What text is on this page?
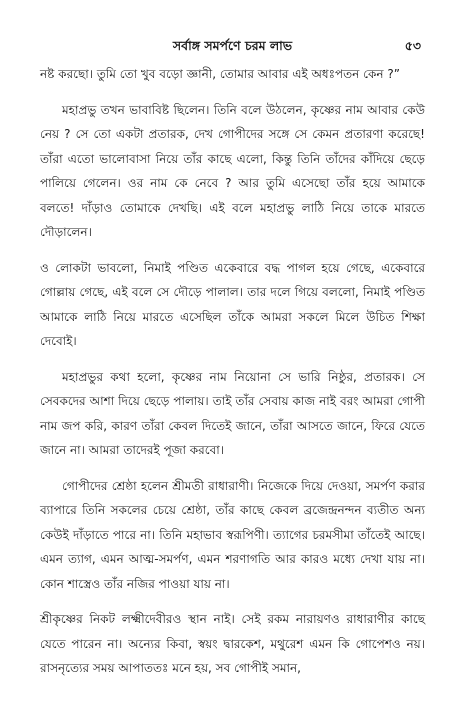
সর্বাঙ্গ সমর্পণে চরম লাভ	৫৩

নষ্ট করছো। তুমি তো খুব বড়ো জ্ঞানী, তোমার আবার এই অধঃপতন কেন ?”

মহাপ্রভু তখন ভাবাবিষ্ট ছিলেন। তিনি বলে উঠলেন, কৃষ্ণের নাম আবার কেউ নেয় ? সে তো একটা প্রতারক, দেখ গোপীদের সঙ্গে সে কেমন প্রতারণা করেছে! তাঁরা এতো ভালোবাসা নিয়ে তাঁর কাছে এলো, কিন্তু তিনি তাঁদের কাঁদিয়ে ছেড়ে পালিয়ে গেলেন। ওর নাম কে নেবে ? আর তুমি এসেছো তাঁর হয়ে আমাকে বলতে! দাঁড়াও তোমাকে দেখছি। এই বলে মহাপ্রভু লাঠি নিয়ে তাকে মারতে দৌড়ালেন।

ও লোকটা ভাবলো, নিমাই পণ্ডিত একেবারে বদ্ধ পাগল হয়ে গেছে, একেবারে গোল্লায় গেছে, এই বলে সে দৌড়ে পালাল। তার দলে গিয়ে বললো, নিমাই পণ্ডিত আমাকে লাঠি নিয়ে মারতে এসেছিল তাঁকে আমরা সকলে মিলে উচিত শিক্ষা দেবোই।

মহাপ্রভুর কথা হলো, কৃষ্ণের নাম নিয়োনা সে ভারি নিষ্ঠুর, প্রতারক। সে সেবকদের আশা দিয়ে ছেড়ে পালায়। তাই তাঁর সেবায় কাজ নাই বরং আমরা গোপী নাম জপ করি, কারণ তাঁরা কেবল দিতেই জানে, তাঁরা আসতে জানে, ফিরে যেতে জানে না। আমরা তাদেরই পূজা করবো।

গোপীদের শ্রেষ্ঠা হলেন শ্রীমতী রাধারাণী। নিজেকে দিয়ে দেওয়া, সমর্পণ করার ব্যাপারে তিনি সকলের চেয়ে শ্রেষ্ঠা, তাঁর কাছে কেবল ব্রজেন্দ্রনন্দন ব্যতীত অন্য কেউই দাঁড়াতে পারে না। তিনি মহাভাব স্বরূপিণী। ত্যাগের চরমসীমা তাঁতেই আছে। এমন ত্যাগ, এমন আত্ম-সমর্পণ, এমন শরণাগতি আর কারও মধ্যে দেখা যায় না। কোন শাস্ত্রেও তাঁর নজির পাওয়া যায় না।

শ্রীকৃষ্ণের নিকট লক্ষ্মীদেবীরও স্থান নাই। সেই রকম নারায়ণও রাধারাণীর কাছে যেতে পারেন না। অন্যের কিবা, স্বয়ং দ্বারকেশ, মথুরেশ এমন কি গোপেশও নয়। রাসনৃত্যের সময় আপাততঃ মনে হয়, সব গোপীই সমান,
